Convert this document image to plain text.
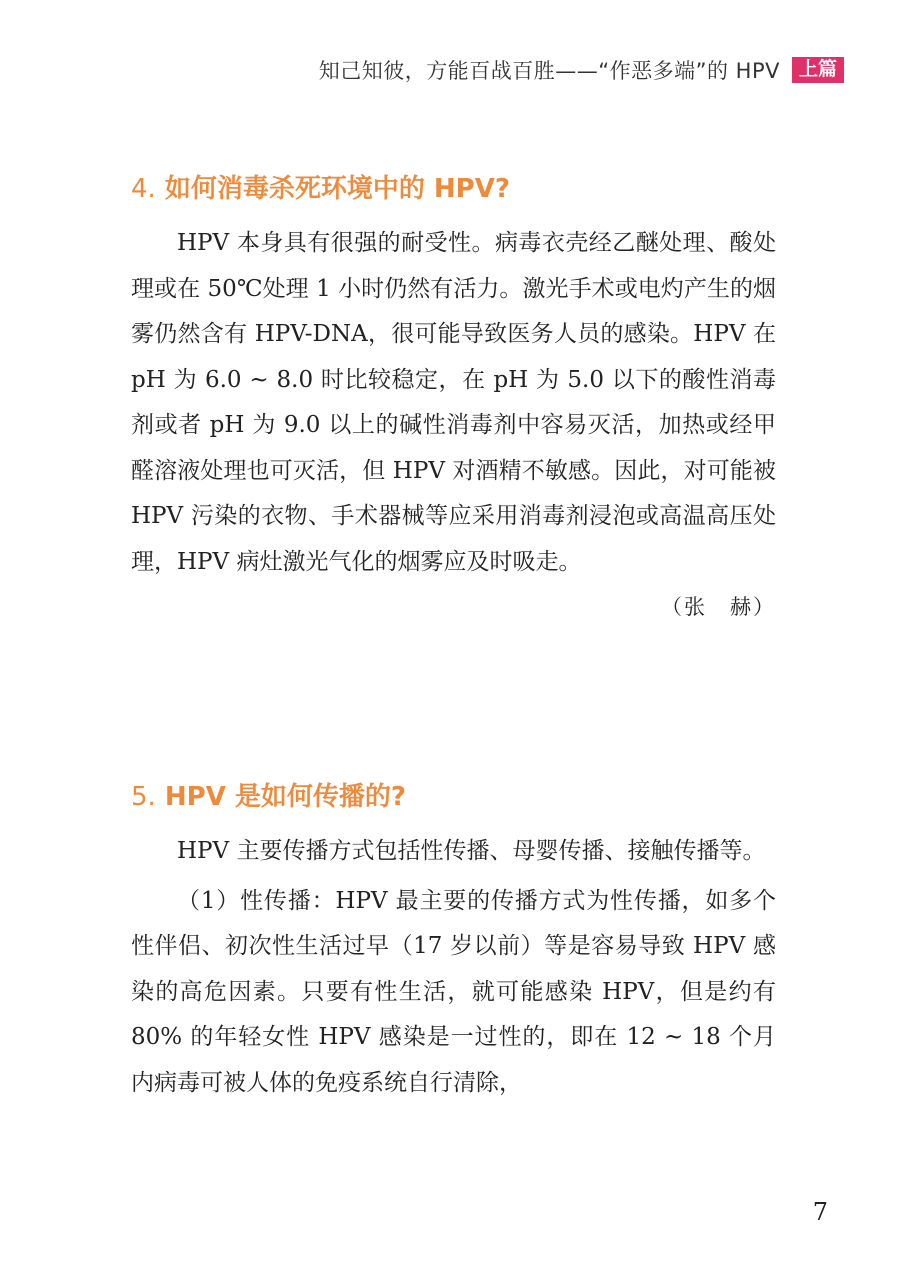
知己知彼，方能百战百胜——“作恶多端”的 HPV	上篇
4. 如何消毒杀死环境中的 HPV?

HPV 本身具有很强的耐受性。病毒衣壳经乙醚处理、酸处理或在 50℃处理 1 小时仍然有活力。激光手术或电灼产生的烟雾仍然含有 HPV-DNA，很可能导致医务人员的感染。HPV 在 pH 为 6.0 ~ 8.0 时比较稳定，在 pH 为 5.0 以下的酸性消毒剂或者 pH 为 9.0 以上的碱性消毒剂中容易灭活，加热或经甲醛溶液处理也可灭活，但 HPV 对酒精不敏感。因此，对可能被 HPV 污染的衣物、手术器械等应采用消毒剂浸泡或高温高压处理，HPV 病灶激光气化的烟雾应及时吸走。

（张　赫）
5. HPV 是如何传播的?

HPV 主要传播方式包括性传播、母婴传播、接触传播等。

（1）性传播：HPV 最主要的传播方式为性传播，如多个性伴侣、初次性生活过早（17 岁以前）等是容易导致 HPV 感染的高危因素。只要有性生活，就可能感染 HPV，但是约有 80% 的年轻女性 HPV 感染是一过性的，即在 12 ~ 18 个月内病毒可被人体的免疫系统自行清除，

7
